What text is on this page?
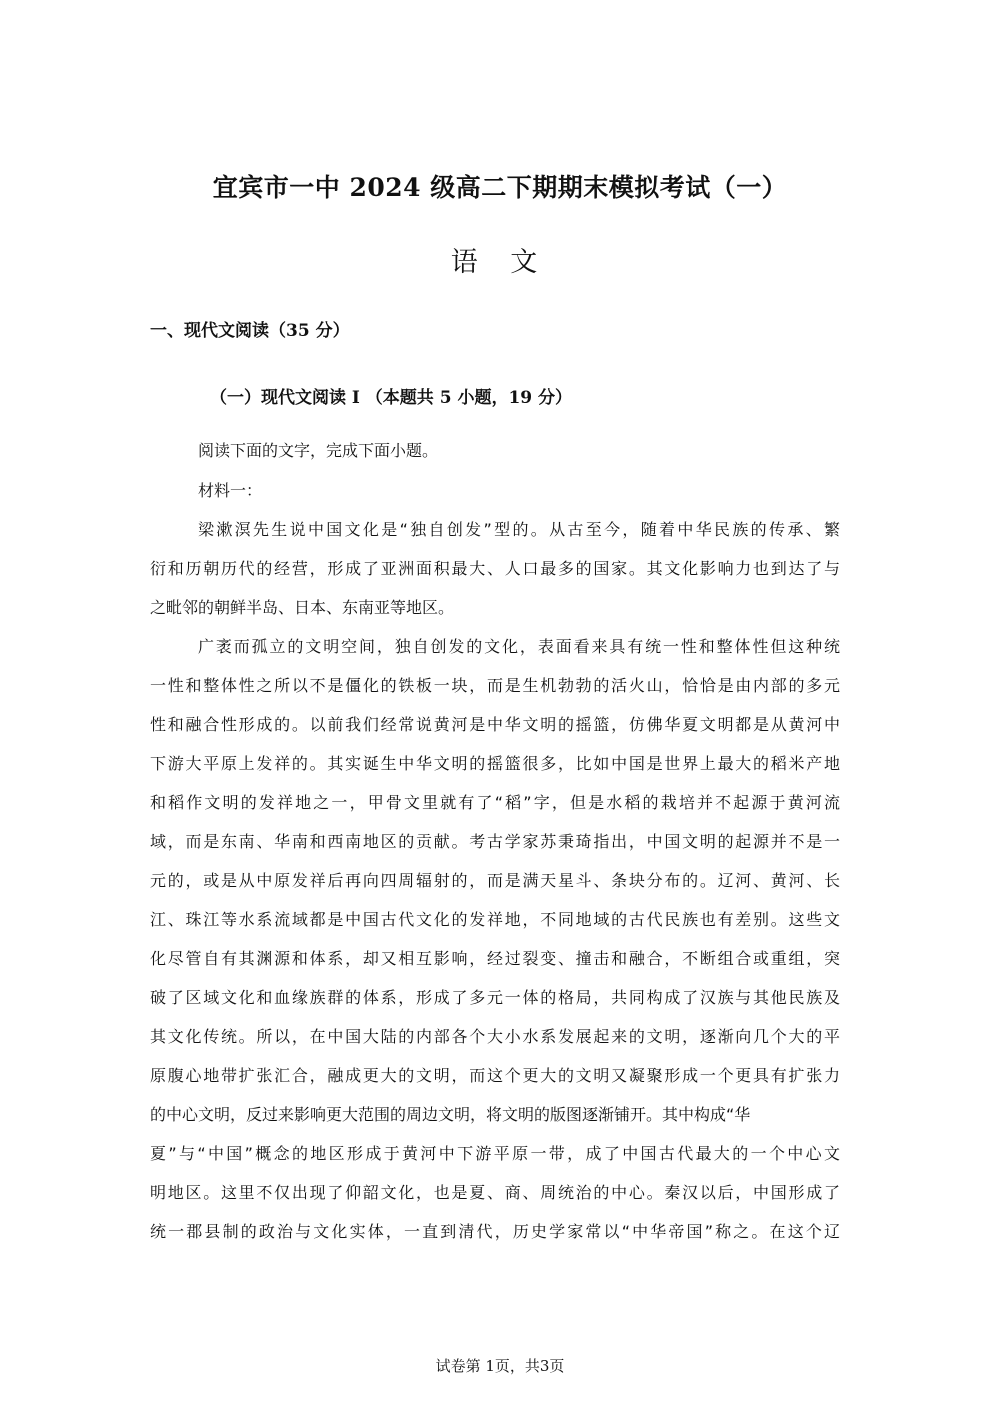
宜宾市一中 2024 级高二下期期末模拟考试（一）
语 文
一、现代文阅读（35 分）
（一）现代文阅读 I （本题共 5 小题，19 分）
阅读下面的文字，完成下面小题。
材料一：
梁漱溟先生说中国文化是“独自创发”型的。从古至今，随着中华民族的传承、繁
衍和历朝历代的经营，形成了亚洲面积最大、人口最多的国家。其文化影响力也到达了与
之毗邻的朝鲜半岛、日本、东南亚等地区。
广袤而孤立的文明空间，独自创发的文化，表面看来具有统一性和整体性但这种统
一性和整体性之所以不是僵化的铁板一块，而是生机勃勃的活火山，恰恰是由内部的多元
性和融合性形成的。以前我们经常说黄河是中华文明的摇篮，仿佛华夏文明都是从黄河中
下游大平原上发祥的。其实诞生中华文明的摇篮很多，比如中国是世界上最大的稻米产地
和稻作文明的发祥地之一，甲骨文里就有了“稻”字，但是水稻的栽培并不起源于黄河流
域，而是东南、华南和西南地区的贡献。考古学家苏秉琦指出，中国文明的起源并不是一
元的，或是从中原发祥后再向四周辐射的，而是满天星斗、条块分布的。辽河、黄河、长
江、珠江等水系流域都是中国古代文化的发祥地，不同地域的古代民族也有差别。这些文
化尽管自有其渊源和体系，却又相互影响，经过裂变、撞击和融合，不断组合或重组，突
破了区域文化和血缘族群的体系，形成了多元一体的格局，共同构成了汉族与其他民族及
其文化传统。所以，在中国大陆的内部各个大小水系发展起来的文明，逐渐向几个大的平
原腹心地带扩张汇合，融成更大的文明，而这个更大的文明又凝聚形成一个更具有扩张力
的中心文明，反过来影响更大范围的周边文明，将文明的版图逐渐铺开。其中构成“华
夏”与“中国”概念的地区形成于黄河中下游平原一带，成了中国古代最大的一个中心文
明地区。这里不仅出现了仰韶文化，也是夏、商、周统治的中心。秦汉以后，中国形成了
统一郡县制的政治与文化实体，一直到清代，历史学家常以“中华帝国”称之。在这个辽
试卷第 1页，共3页
